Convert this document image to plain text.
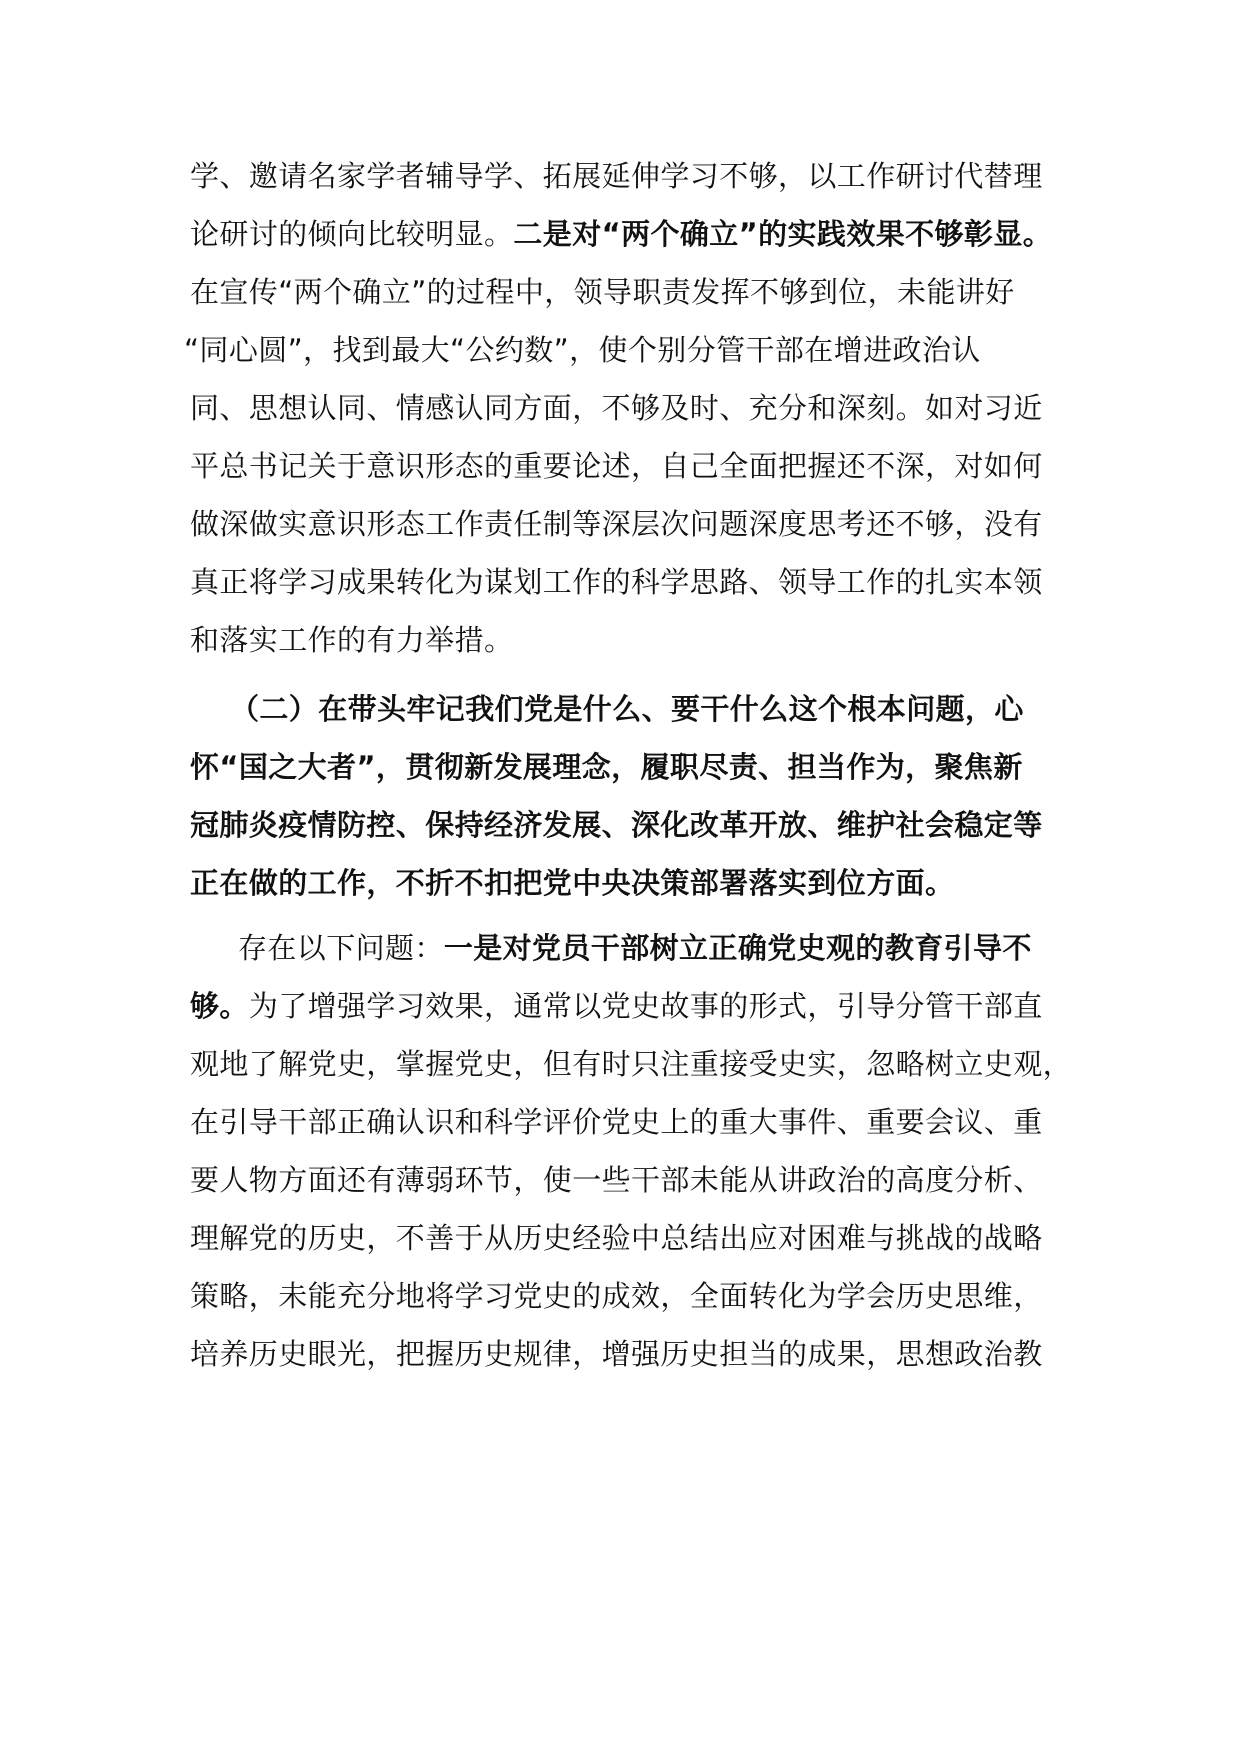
学、邀请名家学者辅导学、拓展延伸学习不够，以工作研讨代替理

论研讨的倾向比较明显。二是对“两个确立”的实践效果不够彰显。

在宣传“两个确立”的过程中，领导职责发挥不够到位，未能讲好

“同心圆”，找到最大“公约数”，使个别分管干部在增进政治认

同、思想认同、情感认同方面，不够及时、充分和深刻。如对习近

平总书记关于意识形态的重要论述，自己全面把握还不深，对如何

做深做实意识形态工作责任制等深层次问题深度思考还不够，没有

真正将学习成果转化为谋划工作的科学思路、领导工作的扎实本领

和落实工作的有力举措。

（二）在带头牢记我们党是什么、要干什么这个根本问题，心

怀“国之大者”，贯彻新发展理念，履职尽责、担当作为，聚焦新

冠肺炎疫情防控、保持经济发展、深化改革开放、维护社会稳定等

正在做的工作，不折不扣把党中央决策部署落实到位方面。

存在以下问题：一是对党员干部树立正确党史观的教育引导不

够。为了增强学习效果，通常以党史故事的形式，引导分管干部直

观地了解党史，掌握党史，但有时只注重接受史实，忽略树立史观，

在引导干部正确认识和科学评价党史上的重大事件、重要会议、重

要人物方面还有薄弱环节，使一些干部未能从讲政治的高度分析、

理解党的历史，不善于从历史经验中总结出应对困难与挑战的战略

策略，未能充分地将学习党史的成效，全面转化为学会历史思维，

培养历史眼光，把握历史规律，增强历史担当的成果，思想政治教
